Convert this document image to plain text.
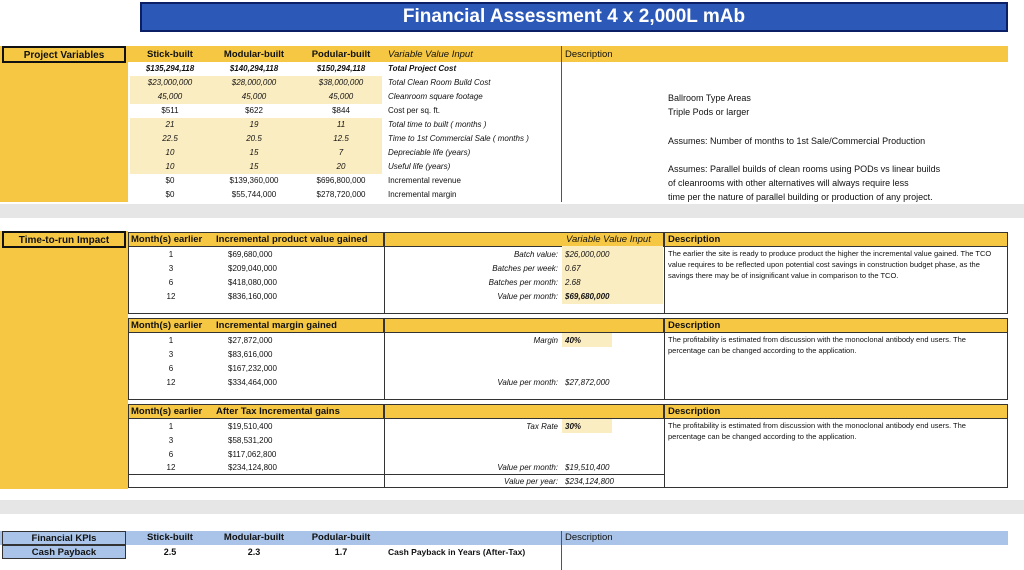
Financial Assessment 4 x 2,000L mAb
Project Variables	Stick-built	Modular-built	Podular-built	Variable Value Input	Description
$135,294,118	$140,294,118	$150,294,118	Total Project Cost
$23,000,000	$28,000,000	$38,000,000	Total Clean Room Build Cost
45,000	45,000	45,000	Cleanroom square footage	Ballroom Type Areas
$511	$622	$844	Cost per sq. ft.	Triple Pods or larger
21	19	11	Total time to built ( months )
22.5	20.5	12.5	Time to 1st Commercial Sale ( months )	Assumes: Number of months to 1st Sale/Commercial Production
10	15	7	Depreciable life (years)
10	15	20	Useful life (years)	Assumes: Parallel builds of clean rooms using PODs vs linear builds
$0	$139,360,000	$696,800,000	Incremental revenue	of cleanrooms with other alternatives will always require less
$0	$55,744,000	$278,720,000	Incremental margin	time per the nature of parallel building or production of any project.
Time-to-run Impact	Month(s) earlier	Incremental product value gained	Variable Value Input	Description
1	$69,680,000
3	$209,040,000
6	$418,080,000
12	$836,160,000
Batch value: $26,000,000
Batches per week: 0.67
Batches per month: 2.68
Value per month: $69,680,000
The earlier the site is ready to produce product the higher the incremental value gained. The TCO value requires to be reflected upon potential cost savings in construction budget phase, as the savings there may be of insignificant value in comparison to the TCO.
Month(s) earlier	Incremental margin gained	Description
1	$27,872,000
3	$83,616,000
6	$167,232,000
12	$334,464,000
Margin 40%
Value per month: $27,872,000
The profitability is estimated from discussion with the monoclonal antibody end users. The percentage can be changed according to the application.
Month(s) earlier	After Tax Incremental gains	Description
1	$19,510,400
3	$58,531,200
6	$117,062,800
12	$234,124,800
Tax Rate 30%
Value per month: $19,510,400
Value per year: $234,124,800
The profitability is estimated from discussion with the monoclonal antibody end users. The percentage can be changed according to the application.
Financial KPIs	Stick-built	Modular-built	Podular-built	Description
Cash Payback	2.5	2.3	1.7	Cash Payback in Years (After-Tax)
